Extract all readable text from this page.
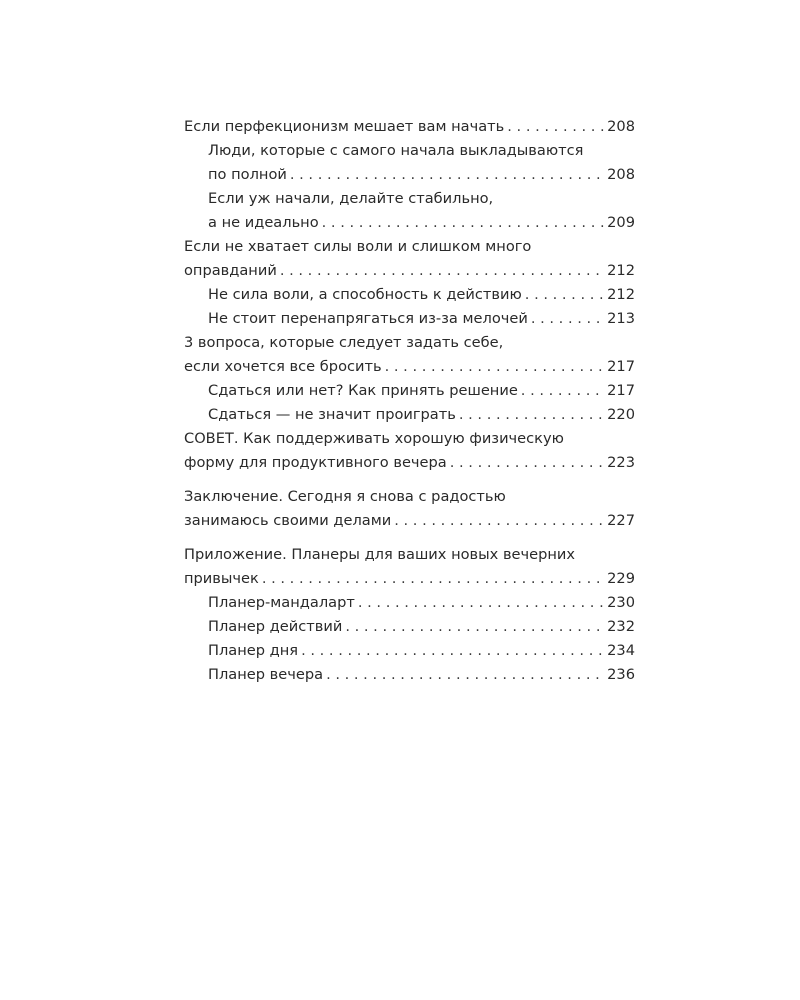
Если перфекционизм мешает вам начать . . .	208
Люди, которые с самого начала выкладываются
по полной . . .	208
Если уж начали, делайте стабильно,
а не идеально . . .	209
Если не хватает силы воли и слишком много
оправданий . . .	212
Не сила воли, а способность к действию . . .	212
Не стоит перенапрягаться из-за мелочей . . .	213
3 вопроса, которые следует задать себе,
если хочется все бросить . . .	217
Сдаться или нет? Как принять решение . . .	217
Сдаться — не значит проиграть . . .	220
СОВЕТ. Как поддерживать хорошую физическую
форму для продуктивного вечера . . .	223
Заключение. Сегодня я снова с радостью
занимаюсь своими делами . . .	227
Приложение. Планеры для ваших новых вечерних
привычек . . .	229
Планер-мандаларт . . .	230
Планер действий . . .	232
Планер дня . . .	234
Планер вечера . . .	236
